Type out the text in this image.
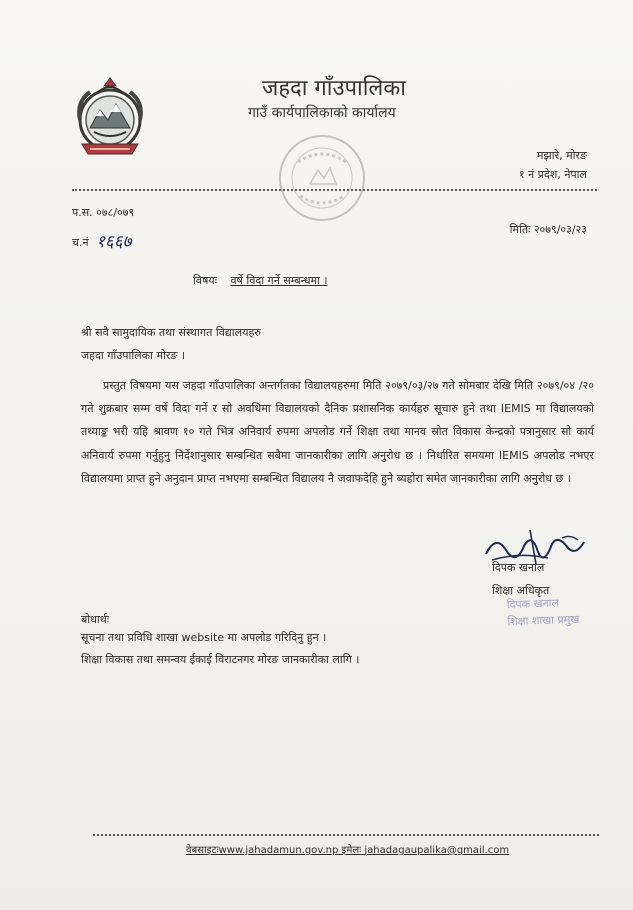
जहदा गाँउपालिका
गाउँ कार्यपालिकाको कार्यालय
मझारे, मोरङ
१ नं प्रदेश, नेपाल
प.स. ०७८/०७९
च.नं १६६७
मितिः २०७९/०३/२३
विषयः वर्षे विदा गर्ने सम्बन्धमा ।
श्री सवै सामुदायिक तथा संस्थागत विद्यालयहरु
जहदा गाँउपालिका मोरङ ।
प्रस्तुत विषयमा यस जहदा गाँउपालिका अन्तर्गतका विद्यालयहरुमा मिति २०७९/०३/२७ गते सोमबार देखि मिति २०७९/०४ /२० गते शुक्रबार सम्म वर्षे विदा गर्ने र सो अवधिमा विद्यालयको दैनिक प्रशासनिक कार्यहरु सूचारु हुने तथा IEMIS मा विद्यालयको तथ्याङ्क भरी यहि श्रावण १० गते भित्र अनिवार्य रुपमा अपलोड गर्ने शिक्षा तथा मानव स्रोत विकास केन्द्रको पत्रानुसार सो कार्य अनिवार्य रुपमा गर्नुहुनु निर्देशानुसार सम्बन्धित सबैमा जानकारीका लागि अनुरोध छ । निर्धारित समयमा IEMIS अपलोड नभएर विद्यालयमा प्राप्त हुने अनुदान प्राप्त नभएमा सम्बन्धित विद्यालय नै जवाफदेहि हुने ब्यहोरा समेत जानकारीका लागि अनुरोध छ ।
दिपक खनाल
शिक्षा अधिकृत
दिपक खनाल
शिक्षा शाखा प्रमुख
बोधार्थः
सूचना तथा प्रविधि शाखा website मा अपलोड गरिदिनु हुन ।
शिक्षा विकास तथा समन्वय ईकाई विराटनगर मोरङ जानकारीका लागि ।
वेबसाइटःwww.jahadamun.gov.np इमेलः jahadagaupalika@gmail.com
